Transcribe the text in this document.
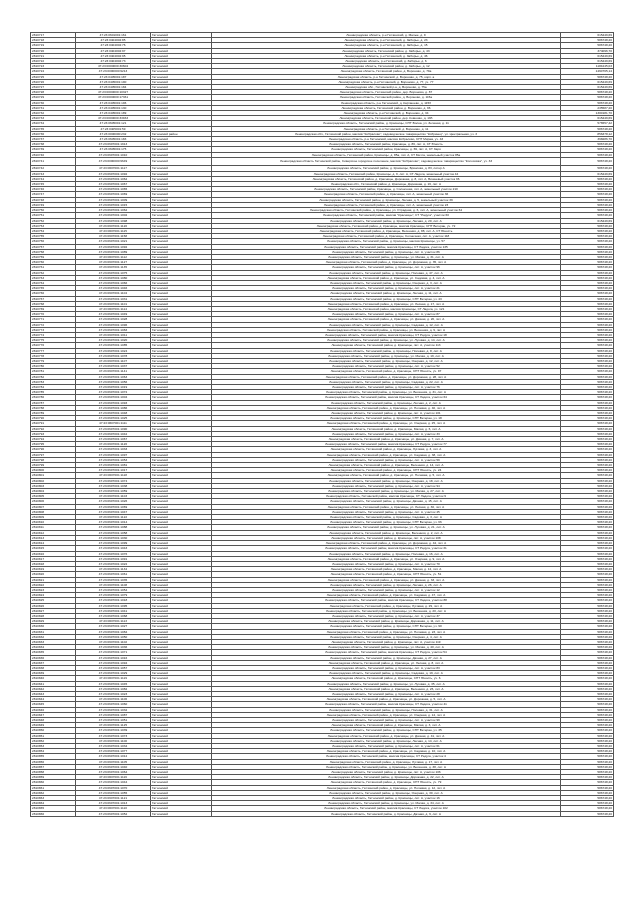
2810717	47:23:0601001:161	Гатчинский	Ленинградская область, р-н Гатчинский, д. Малые, д. 9	615449,69
2810718	47:23:0404002:85	Гатчинский	Ленинградская область, р-н Гатчинский, д. Заборье, д. 23	586748,20
2810719	47:23:0404002:76	Гатчинский	Ленинградская область, р-н Гатчинский, д. Заборье, д. 15	586748,20
2810720	47:23:0404002:97	Гатчинский	Ленинградская область, Гатчинский район, д. Заборье, д. 43	374096,70
2810721	47:23:0404002:95	Гатчинский	Ленинградская область, р-н Гатчинский, д. Заборье, д. 46	615449,69
2810722	47:23:0404002:73	Гатчинский	Ленинградская область, р-н Гатчинский, д. Заборье, д. 6	615449,69
2810723	47:23:0000000:30604	Гатчинский	Ленинградская область, Гатчинский район, д. Заборье, д. 12	1184245,03
2810724	47:23:0000000:9213	Гатчинский	Ленинградская область, Гатчинский район, д. Вороново, д. 79а	1460765,14
2810725	47:23:0405001:187	Гатчинский	Ленинградская область, р-н Гатчинский, д. Вороново, д. 75, корп. а	586748,20
2810726	47:23:0405001:190	Гатчинский	Ленинградская область, р-н Гатчинский, д. Вороново, д. 77, уч. 77	615449,69
2810727	47:23:0405001:184	Гатчинский	Ленинградская обл., Гатчинский р-н, д. Вороново, д. 75а	615449,69
2810728	47:23:0000000:10327	Гатчинский	Ленинградская область, Гатчинский район, дер. Вороново, д. 87	586748,20
2810729	47:23:0000000:17361	Гатчинский	Ленинградская область, Гатчинский район, д. Вороново, д. 115а	586748,20
2810730	47:23:0405001:196	Гатчинский	Ленинградская область, р-н Гатчинский, д. Карташево, д. 115б	586748,20
2810731	47:23:0405001:130	Гатчинский	Ленинградская область, Гатчинский район, д. Вороново, д. 96	235587,20
2810732	47:23:0405001:189	Гатчинский	Ленинградская область, р-н Гатчинский, д. Вороново, д. 34	1300181,70
2810733	47:23:0000000:33933	Гатчинский	Ленинградская область, Гатчинский район, дер. Ковшово, д. 19б	615449,69
2810734	47:23:0605001:121	Гатчинский	Ленинградская область, Гатчинский район, д. Красницы, СНТ Волна, ул. Зеленая, д. 11	576557,42
2810735	47:23:0405001:59	Гатчинский	Ленинградская область, р-н Гатчинский, д. Вороново, д. 11	586748,20
2810736	47:23:0000000:232	Гатчинский район	Ленинградская обл., Гатчинский район, массив "Кобралово", садоводческое товарищество "Кобринец", ул. Центральная, уч. 3	856378,12
2810737	47:23:0605001:183	Гатчинский	Ленинградская область, р-н Гатчинский, массив Кобралово, СНТ Мираж, уч. 43	398286,70
2810738	47:23:0607001:1913	Гатчинский	Ленинградская область, Гатчинский район, Красницы, д. 86, лит. А, СТ Юность	586748,20
2810739	47:23:0605001:175	Гатчинский	Ленинградская область, Гатчинский район, Красницы, д. 69, лит. А, СТ Заря	586748,20
2810740	47:23:0607001:1010	Гатчинский	Ленинградская область, Гатчинский район, Красницы, д. 85а, лит. А, СТ Мечта, земельный участок 85а	586748,20
2810741	47:23:0000000:9649	Гатчинский	Ленинградская область Гатчинский район, Сиверское городское поселение, массив "Кобралово", садоводческое товарищество "Колосовка", уч. 33	586748,20
2810742	47:23:0607001:1117	Гатчинский	Ленинградская область, Гатчинский район, д. Красницы, Брянская, д. 83, литер А	586748,20
2810743	47:23:0607001:1092	Гатчинский	Ленинградская область, Гатчинский район, Красницы, д. 9, лит. А, СТ Ладога, земельный участок 44	615449,69
2810744	47:23:0607001:1062	Гатчинский	Ленинградская область, Гатчинский район, д. Красницы, Дорожная, д. 8, лит. А, Вишневый участок 96	586748,20
2810745	47:23:0607001:1067	Гатчинский	Ленинградская обл., Гатчинский район, д. Красницы, Дорожная, д. 16, лит. А	586748,20
2810746	47:23:0607001:1065	Гатчинский	Ленинградская область, Гатчинский район, Красницы, д. Солнечная, лит. А, земельный участок 210	586748,20
2810747	47:23:0607001:1069	Гатчинский	Ленинградская область, Гатчинский район, д. Красницы, лит. А, земельный участок 36	586748,20
2810748	47:23:0607001:1009	Гатчинский	Ленинградская область, Гатчинский район, д. Красницы, Лесная, д. 5, земельный участок 39	586748,20
2810749	47:23:0607001:1015	Гатчинский	Ленинградская область, Гатчинский район, д. Красницы, лит. А, земельный участок 23	586748,20
2810750	47:23:0607001:1062	Гатчинский	Ленинградская область, Гатчинский район, д. Красницы, ул. Отрадная, д. 6, лит. А, земельный участок 64	586748,20
2810751	47:23:0607001:1002	Гатчинский	Ленинградская область, Гатчинский район, массив "Красницы", СТ "Радуга", участок 60	586748,20
2810752	47:23:0607001:1098	Гатчинский	Ленинградская область, Гатчинский район, д. Красницы, Лесная, д. 20, лит. А	615449,69
2810753	47:23:0607001:1120	Гатчинский	Ленинградская область, Гатчинский район, д. Красницы, массив Красницы, СНТ Ветеран, уч. 72	586748,20
2810754	47:23:0607001:1115	Гатчинский	Ленинградская область, Гатчинский район, д. Красницы, Весенняя, д. 88, лит. А, СТ Юность	586748,20
2810755	47:23:0607001:1158	Гатчинский	Ленинградская область, Гатчинский район, д. Красницы, Солнечная, лит. А, участок 118	586748,20
2810756	47:23:0607001:1021	Гатчинский	Ленинградская область, Гатчинский район, д. Красницы, массив Красницы, уч. 57	586748,20
2810757	47:23:0607001:1092	Гатчинский	Ленинградская область, Гатчинский район, массив Красницы, СТ Ладога, участок 135	586748,20
2810758	47:23:0607001:1089	Гатчинский	Ленинградская область, Гатчинский район, д. Красницы, лит. А, участок 86	586748,20
2810759	47:23:0607001:1112	Гатчинский	Ленинградская область, Гатчинский район, д. Красницы, ул. Малая, д. 31, лит. А	586748,20
2810760	47:23:0607001:1127	Гатчинский	Ленинградская область, Гатчинский район, д. Красницы, ул. Дорожная, д. 35, лит. А	586748,20
2810761	47:23:0607001:1135	Гатчинский	Ленинградская область, Гатчинский район, д. Красницы, лит. А, участок 96	586748,20
2810762	47:23:0607001:1075	Гатчинский	Ленинградская область, Гатчинский район, д. Красницы, Полевая, д. 47, лит. А	586748,20
2810763	47:23:0607001:1080	Гатчинский	Ленинградская область, Гатчинский район, д. Красницы, ул. Садовая, д. 4, лит. А	586748,20
2810764	47:23:0607001:1066	Гатчинский	Ленинградская область, Гатчинский район, д. Красницы, Озерная, д. 3, лит. А	586748,20
2810765	47:23:0607001:1046	Гатчинский	Ленинградская область, Гатчинский район, д. Красницы, лит. А, участок 21	586748,20
2810766	47:23:0607001:1104	Гатчинский	Ленинградская область, Гатчинский район, д. Красницы, Лесная, д. 11, лит. А	586748,20
2810767	47:23:0607001:1031	Гатчинский	Ленинградская область, Гатчинский район, д. Красницы, СНТ Ветеран, уч. 43	586748,20
2810768	47:23:0607001:1101	Гатчинский	Ленинградская область, Гатчинский район, д. Красницы, ул. Лесная, д. 17, лит. А	586748,20
2810769	47:23:0607001:1114	Гатчинский	Ленинградская область, Гатчинский район, массив Красницы, СТ Ладога, уч. 121	586748,20
2810770	47:23:0607001:1049	Гатчинский	Ленинградская область, Гатчинский район, д. Красницы, лит. А, участок 87	586748,20
2810771	47:23:0607001:1028	Гатчинский	Ленинградская область, Гатчинский район, д. Красницы, ул. Дачная, д. 20, лит. А	586748,20
2810772	47:23:0607001:1096	Гатчинский	Ленинградская область, Гатчинский район, д. Красницы, Садовая, д. 12, лит. А	586748,20
2810773	47:23:0607001:1083	Гатчинский	Ленинградская область, Гатчинский район, д. Красницы, ул. Весенняя, д. 9, лит. А	586748,20
2810774	47:23:0607001:1011	Гатчинский	Ленинградская область, Гатчинский район, массив Красницы, СТ Радуга, участок 18	586748,20
2810775	47:23:0607001:1020	Гатчинский	Ленинградская область, Гатчинский район, д. Красницы, ул. Луговая, д. 14, лит. А	586748,20
2810776	47:23:0607001:1085	Гатчинский	Ленинградская область, Гатчинский район, д. Красницы, лит. А, участок 113	586748,20
2810777	47:23:0607001:1024	Гатчинский	Ленинградская область, Гатчинский район, д. Красницы, Полевая, д. 8, лит. А	586748,20
2810778	47:23:0607001:1078	Гатчинский	Ленинградская область, Гатчинский район, д. Красницы, ул. Малая, д. 19, лит. А	586748,20
2810779	47:23:0607001:1107	Гатчинский	Ленинградская область, Гатчинский район, д. Красницы, Озерная, д. 12, лит. А	586748,20
2810780	47:23:0607001:1037	Гатчинский	Ленинградская область, Гатчинский район, д. Красницы, лит. А, участок 52	586748,20
2810781	47:23:0607001:1141	Гатчинский	Ленинградская область, Гатчинский район, д. Красницы, СНТ Юность, уч. 97	586748,20
2810782	47:23:0607001:1063	Гатчинский	Ленинградская область, Гатчинский район, д. Красницы, ул. Дорожная, д. 28, лит. А	586748,20
2810783	47:23:0607001:1056	Гатчинский	Ленинградская область, Гатчинский район, д. Красницы, Садовая, д. 22, лит. А	586748,20
2810784	47:23:0607001:1019	Гатчинский	Ленинградская область, Гатчинский район, д. Красницы, лит. А, участок 76	586748,20
2810785	47:23:0607001:1072	Гатчинский	Ленинградская область, Гатчинский район, д. Красницы, ул. Весенняя, д. 31, лит. А	586748,20
2810786	47:23:0607001:1004	Гатчинский	Ленинградская область, Гатчинский район, массив Красницы, СТ Ладога, участок 64	586748,20
2810787	47:23:0607001:1093	Гатчинский	Ленинградская область, Гатчинский район, д. Красницы, Лесная, д. 2, лит. А	586748,20
2810788	47:23:0607001:1086	Гатчинский	Ленинградская область, Гатчинский район, д. Красницы, ул. Полевая, д. 40, лит. А	586748,20
2810789	47:23:0607001:1048	Гатчинский	Ленинградская область, Гатчинский район, д. Красницы, лит. А, участок 101	586748,20
2810790	47:23:0607001:1025	Гатчинский	Ленинградская область, Гатчинский район, д. Красницы, СНТ Ветеран, уч. 18	586748,20
2810791	47:23:0607001:1111	Гатчинский	Ленинградская область, Гатчинский район, д. Красницы, ул. Озерная, д. 25, лит. А	586748,20
2810792	47:23:0607001:1090	Гатчинский	Ленинградская область, Гатчинский район, д. Красницы, Малая, д. 6, лит. А	586748,20
2810793	47:23:0607001:1042	Гатчинский	Ленинградская область, Гатчинский район, д. Красницы, лит. А, участок 33	586748,20
2810794	47:23:0607001:1067	Гатчинский	Ленинградская область, Гатчинский район, д. Красницы, ул. Дачная, д. 7, лит. А	586748,20
2810795	47:23:0607001:1126	Гатчинский	Ленинградская область, Гатчинский район, массив Красницы, СТ Радуга, участок 77	586748,20
2810796	47:23:0607001:1033	Гатчинский	Ленинградская область, Гатчинский район, д. Красницы, Луговая, д. 3, лит. А	586748,20
2810797	47:23:0607001:1097	Гатчинский	Ленинградская область, Гатчинский район, д. Красницы, ул. Садовая, д. 38, лит. А	586748,20
2810798	47:23:0607001:1053	Гатчинский	Ленинградская область, Гатчинский район, д. Красницы, лит. А, участок 59	586748,20
2810799	47:23:0607001:1081	Гатчинский	Ленинградская область, Гатчинский район, д. Красницы, Весенняя, д. 14, лит. А	586748,20
2810800	47:23:0607001:1017	Гатчинский	Ленинградская область, Гатчинский район, д. Красницы, СНТ Юность, уч. 24	586748,20
2810801	47:23:0607001:1118	Гатчинский	Ленинградская область, Гатчинский район, д. Красницы, ул. Полевая, д. 5, лит. А	586748,20
2810802	47:23:0607001:1074	Гатчинский	Ленинградская область, Гатчинский район, д. Красницы, Озерная, д. 18, лит. А	586748,20
2810803	47:23:0607001:1038	Гатчинский	Ленинградская область, Гатчинский район, д. Красницы, лит. А, участок 94	586748,20
2810804	47:23:0607001:1059	Гатчинский	Ленинградская область, Гатчинский район, д. Красницы, ул. Малая, д. 27, лит. А	586748,20
2810805	47:23:0607001:1103	Гатчинский	Ленинградская область, Гатчинский район, массив Красницы, СТ Ладога, участок 9	586748,20
2810806	47:23:0607001:1026	Гатчинский	Ленинградская область, Гатчинский район, д. Красницы, Дачная, д. 15, лит. А	586748,20
2810807	47:23:0607001:1069	Гатчинский	Ленинградская область, Гатчинский район, д. Красницы, ул. Лесная, д. 30, лит. А	586748,20
2810808	47:23:0607001:1047	Гатчинский	Ленинградская область, Гатчинский район, д. Красницы, лит. А, участок 45	586748,20
2810809	47:23:0607001:1122	Гатчинский	Ленинградская область, Гатчинский район, д. Красницы, Садовая, д. 3, лит. А	586748,20
2810810	47:23:0607001:1014	Гатчинский	Ленинградская область, Гатчинский район, д. Красницы, СНТ Ветеран, уч. 66	586748,20
2810811	47:23:0607001:1088	Гатчинский	Ленинградская область, Гатчинский район, д. Красницы, ул. Луговая, д. 21, лит. А	586748,20
2810812	47:23:0607001:1058	Гатчинский	Ленинградская область, Гатчинский район, д. Красницы, Весенняя, д. 2, лит. А	586748,20
2810813	47:23:0607001:1030	Гатчинский	Ленинградская область, Гатчинский район, д. Красницы, лит. А, участок 108	586748,20
2810814	47:23:0607001:1099	Гатчинский	Ленинградская область, Гатчинский район, д. Красницы, ул. Дорожная, д. 44, лит. А	586748,20
2810815	47:23:0607001:1043	Гатчинский	Ленинградская область, Гатчинский район, массив Красницы, СТ Радуга, участок 31	586748,20
2810816	47:23:0607001:1076	Гатчинский	Ленинградская область, Гатчинский район, д. Красницы, Полевая, д. 16, лит. А	586748,20
2810817	47:23:0607001:1091	Гатчинский	Ленинградская область, Гатчинский район, д. Красницы, ул. Озерная, д. 9, лит. А	586748,20
2810818	47:23:0607001:1022	Гатчинский	Ленинградская область, Гатчинский район, д. Красницы, лит. А, участок 70	586748,20
2810819	47:23:0607001:1134	Гатчинский	Ленинградская область, Гатчинский район, д. Красницы, Малая, д. 12, лит. А	586748,20
2810820	47:23:0607001:1061	Гатчинский	Ленинградская область, Гатчинский район, д. Красницы, СНТ Юность, уч. 51	586748,20
2810821	47:23:0607001:1035	Гатчинский	Ленинградская область, Гатчинский район, д. Красницы, ул. Дачная, д. 33, лит. А	586748,20
2810822	47:23:0607001:1108	Гатчинский	Ленинградская область, Гатчинский район, д. Красницы, Лесная, д. 26, лит. А	586748,20
2810823	47:23:0607001:1054	Гатчинский	Ленинградская область, Гатчинский район, д. Красницы, лит. А, участок 12	586748,20
2810824	47:23:0607001:1079	Гатчинский	Ленинградская область, Гатчинский район, д. Красницы, ул. Садовая, д. 47, лит. А	586748,20
2810825	47:23:0607001:1018	Гатчинский	Ленинградская область, Гатчинский район, массив Красницы, СТ Ладога, участок 88	586748,20
2810826	47:23:0607001:1095	Гатчинский	Ленинградская область, Гатчинский район, д. Красницы, Луговая, д. 29, лит. А	586748,20
2810827	47:23:0607001:1041	Гатчинский	Ленинградская область, Гатчинский район, д. Красницы, ул. Весенняя, д. 20, лит. А	586748,20
2810828	47:23:0607001:1068	Гатчинский	Ленинградская область, Гатчинский район, д. Красницы, лит. А, участок 37	586748,20
2810829	47:23:0607001:1113	Гатчинский	Ленинградская область, Гатчинский район, д. Красницы, Дорожная, д. 11, лит. А	586748,20
2810830	47:23:0607001:1027	Гатчинский	Ленинградская область, Гатчинский район, д. Красницы, СНТ Ветеран, уч. 90	586748,20
2810831	47:23:0607001:1084	Гатчинский	Ленинградская область, Гатчинский район, д. Красницы, ул. Полевая, д. 23, лит. А	586748,20
2810832	47:23:0607001:1050	Гатчинский	Ленинградская область, Гатчинский район, д. Красницы, Озерная, д. 4, лит. А	586748,20
2810833	47:23:0607001:1102	Гатчинский	Ленинградская область, Гатчинский район, д. Красницы, лит. А, участок 119	586748,20
2810834	47:23:0607001:1036	Гатчинский	Ленинградская область, Гатчинский район, д. Красницы, ул. Малая, д. 40, лит. А	586748,20
2810835	47:23:0607001:1071	Гатчинский	Ленинградская область, Гатчинский район, массив Красницы, СТ Радуга, участок 54	586748,20
2810836	47:23:0607001:1016	Гатчинский	Ленинградская область, Гатчинский район, д. Красницы, Дачная, д. 27, лит. А	586748,20
2810837	47:23:0607001:1094	Гатчинский	Ленинградская область, Гатчинский район, д. Красницы, ул. Лесная, д. 8, лит. А	586748,20
2810838	47:23:0607001:1057	Гатчинский	Ленинградская область, Гатчинский район, д. Красницы, лит. А, участок 83	586748,20
2810839	47:23:0607001:1029	Гатчинский	Ленинградская область, Гатчинский район, д. Красницы, Садовая, д. 19, лит. А	586748,20
2810840	47:23:0607001:1119	Гатчинский	Ленинградская область, Гатчинский район, д. Красницы, СНТ Юность, уч. 6	586748,20
2810841	47:23:0607001:1045	Гатчинский	Ленинградская область, Гатчинский район, д. Красницы, ул. Луговая, д. 35, лит. А	586748,20
2810842	47:23:0607001:1082	Гатчинский	Ленинградская область, Гатчинский район, д. Красницы, Весенняя, д. 26, лит. А	586748,20
2810843	47:23:0607001:1023	Гатчинский	Ленинградская область, Гатчинский район, д. Красницы, лит. А, участок 28	586748,20
2810844	47:23:0607001:1106	Гатчинский	Ленинградская область, Гатчинский район, д. Красницы, ул. Дорожная, д. 5, лит. А	586748,20
2810845	47:23:0607001:1060	Гатчинский	Ленинградская область, Гатчинский район, массив Красницы, СТ Ладога, участок 41	586748,20
2810846	47:23:0607001:1032	Гатчинский	Ленинградская область, Гатчинский район, д. Красницы, Полевая, д. 31, лит. А	586748,20
2810847	47:23:0607001:1087	Гатчинский	Ленинградская область, Гатчинский район, д. Красницы, ул. Озерная, д. 14, лит. А	586748,20
2810848	47:23:0607001:1051	Гатчинский	Ленинградская область, Гатчинский район, д. Красницы, лит. А, участок 99	586748,20
2810849	47:23:0607001:1125	Гатчинский	Ленинградская область, Гатчинский район, д. Красницы, Малая, д. 3, лит. А	586748,20
2810850	47:23:0607001:1039	Гатчинский	Ленинградская область, Гатчинский район, д. Красницы, СНТ Ветеран, уч. 35	586748,20
2810851	47:23:0607001:1073	Гатчинский	Ленинградская область, Гатчинский район, д. Красницы, ул. Дачная, д. 41, лит. А	586748,20
2810852	47:23:0607001:1100	Гатчинский	Ленинградская область, Гатчинский район, д. Красницы, Лесная, д. 14, лит. А	586748,20
2810853	47:23:0607001:1034	Гатчинский	Ленинградская область, Гатчинский район, д. Красницы, лит. А, участок 61	586748,20
2810854	47:23:0607001:1077	Гатчинский	Ленинградская область, Гатчинский район, д. Красницы, ул. Садовая, д. 10, лит. А	586748,20
2810855	47:23:0607001:1012	Гатчинский	Ленинградская область, Гатчинский район, массив Красницы, СТ Радуга, участок 4	586748,20
2810856	47:23:0607001:1105	Гатчинский	Ленинградская область, Гатчинский район, д. Красницы, Луговая, д. 17, лит. А	586748,20
2810857	47:23:0607001:1040	Гатчинский	Ленинградская область, Гатчинский район, д. Красницы, ул. Весенняя, д. 38, лит. А	586748,20
2810858	47:23:0607001:1064	Гатчинский	Ленинградская область, Гатчинский район, д. Красницы, лит. А, участок 106	586748,20
2810859	47:23:0607001:1116	Гатчинский	Ленинградская область, Гатчинский район, д. Красницы, Дорожная, д. 22, лит. А	586748,20
2810860	47:23:0607001:1044	Гатчинский	Ленинградская область, Гатчинский район, д. Красницы, СНТ Юность, уч. 79	586748,20
2810861	47:23:0607001:1070	Гатчинский	Ленинградская область, Гатчинский район, д. Красницы, ул. Полевая, д. 12, лит. А	586748,20
2810862	47:23:0607001:1055	Гатчинский	Ленинградская область, Гатчинский район, д. Красницы, Озерная, д. 30, лит. А	586748,20
2810863	47:23:0607001:1121	Гатчинский	Ленинградская область, Гатчинский район, д. Красницы, лит. А, участок 16	586748,20
2810864	47:23:0607001:1013	Гатчинский	Ленинградская область, Гатчинский район, д. Красницы, ул. Малая, д. 34, лит. А	586748,20
2810865	47:23:0607001:1110	Гатчинский	Ленинградская область, Гатчинский район, массив Красницы, СТ Ладога, участок 102	586748,20
2810866	47:23:0607001:1052	Гатчинский	Ленинградская область, Гатчинский район, д. Красницы, Дачная, д. 9, лит. А	586748,20
